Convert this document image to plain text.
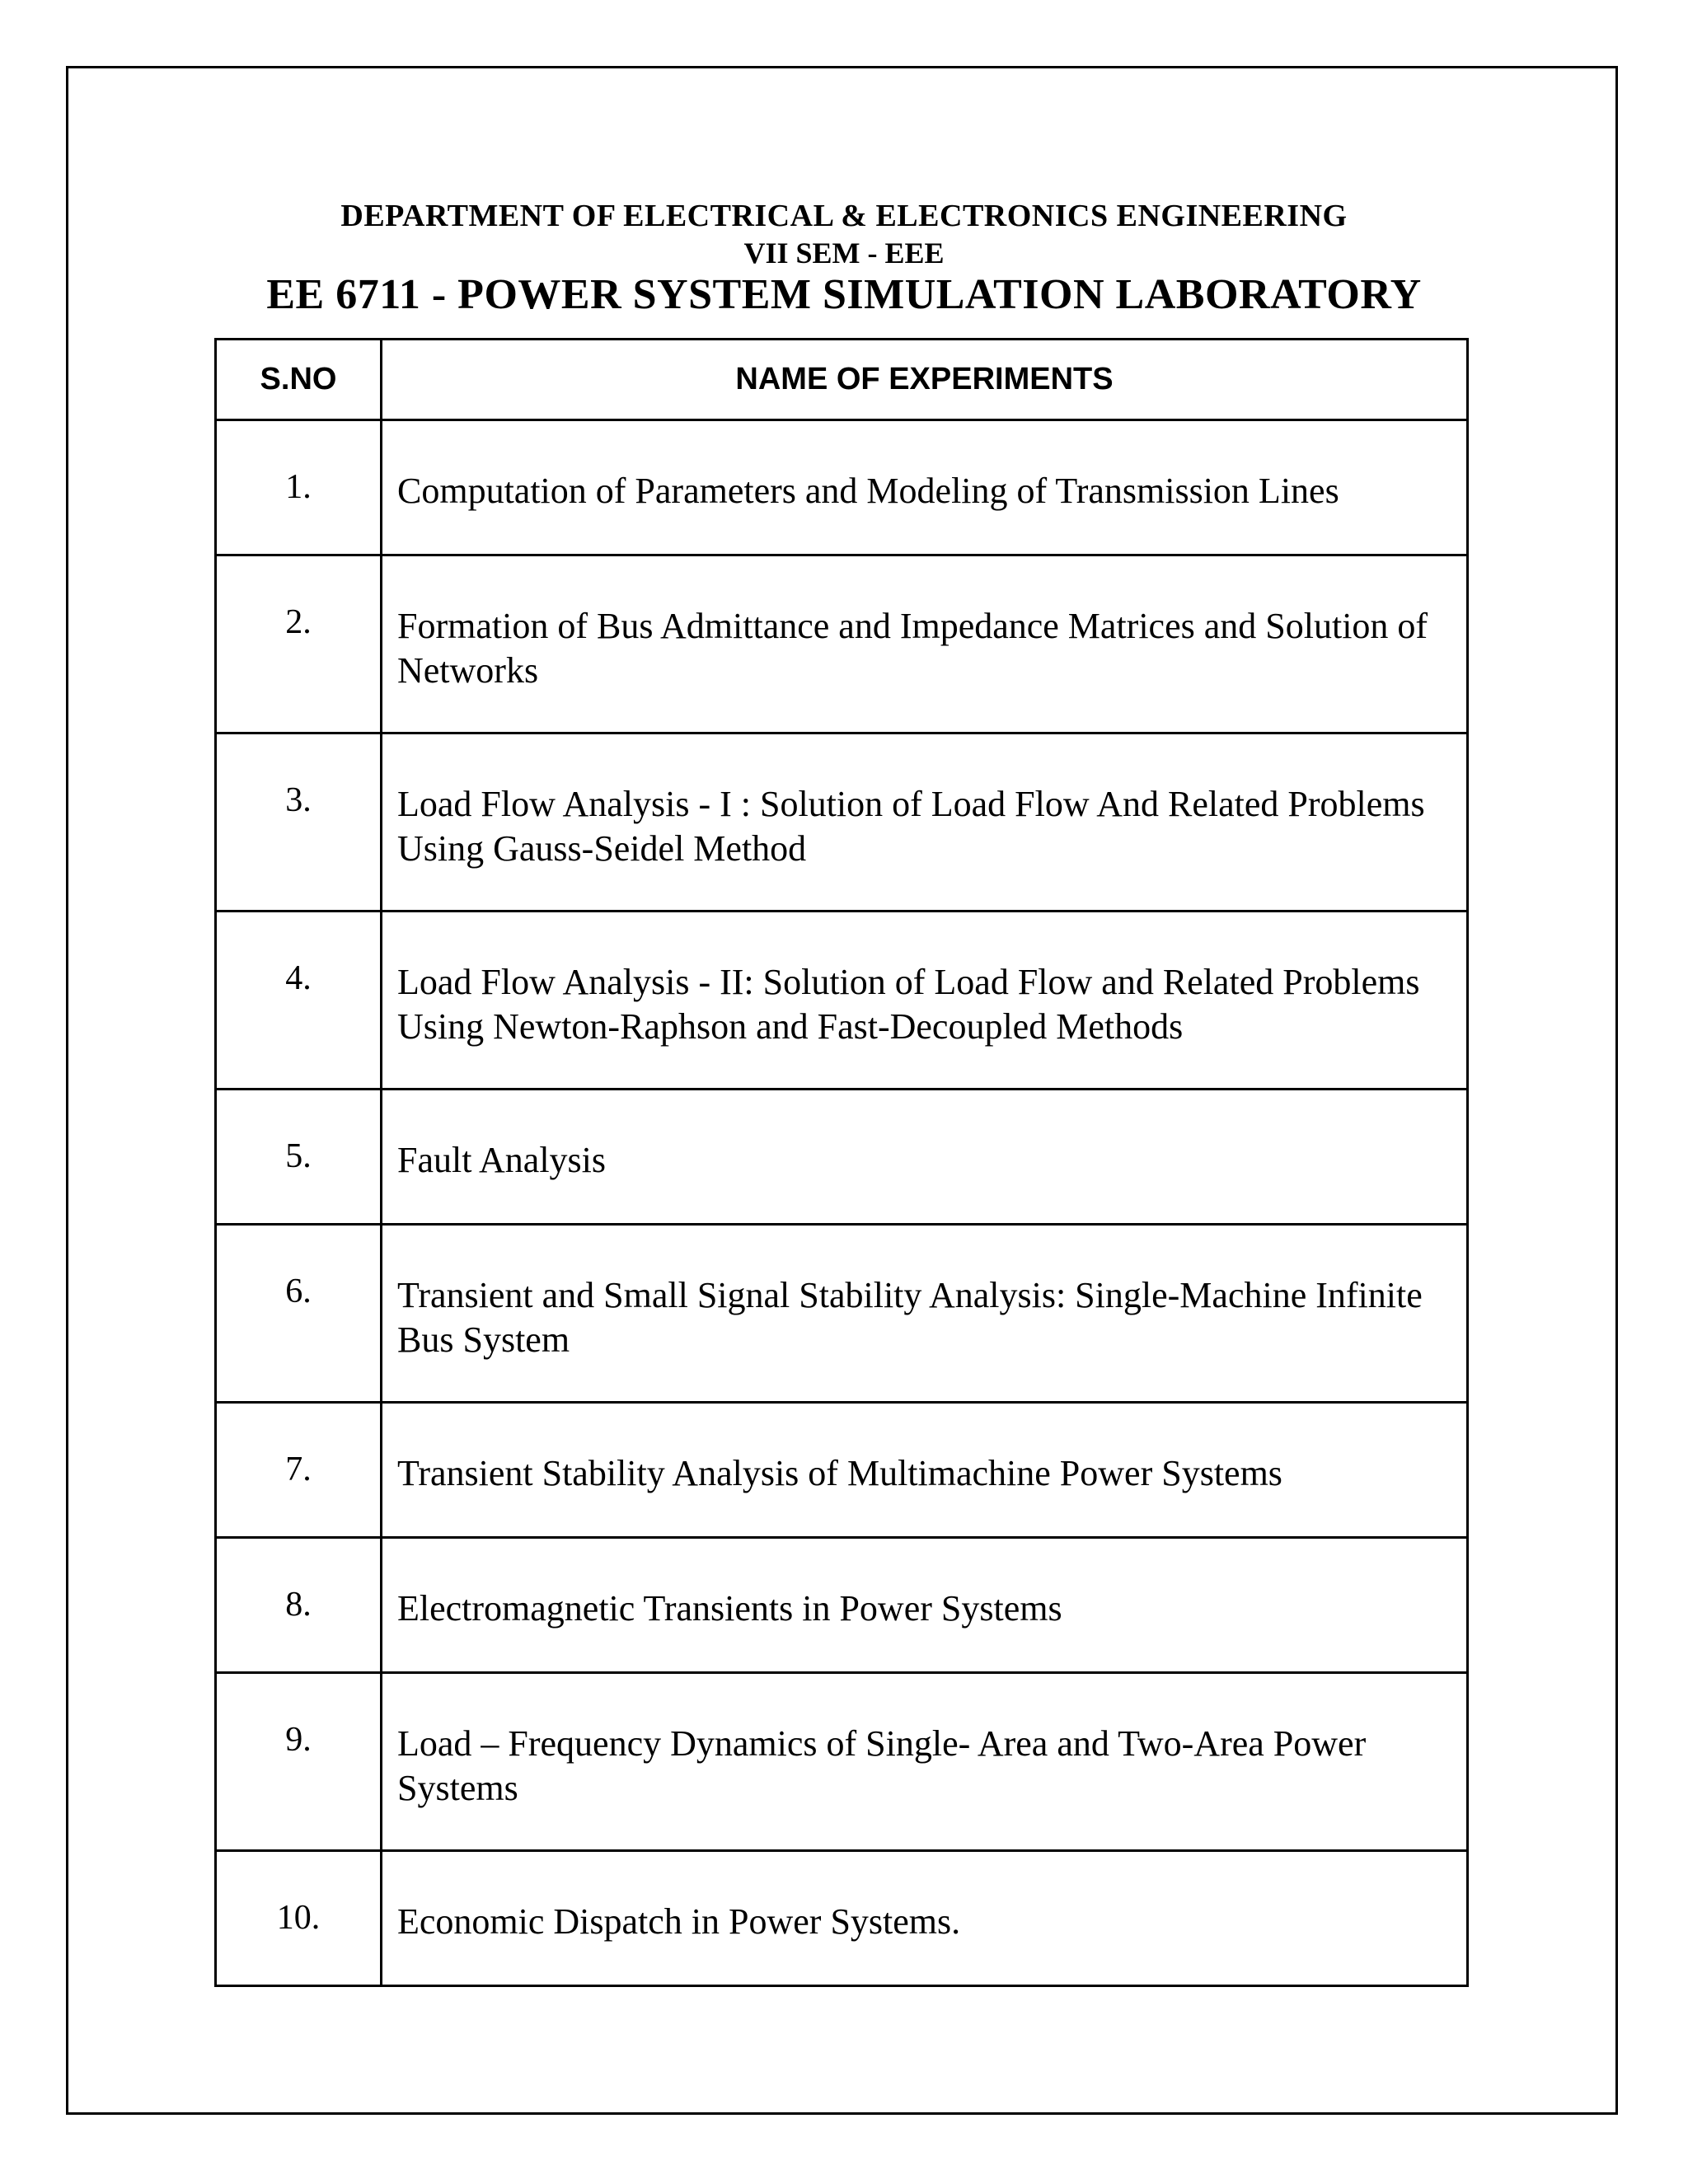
DEPARTMENT OF ELECTRICAL & ELECTRONICS ENGINEERING
VII SEM - EEE
EE 6711 - POWER SYSTEM SIMULATION LABORATORY
S.NO	NAME OF EXPERIMENTS
1.	Computation of Parameters and Modeling of Transmission Lines
2.	Formation of Bus Admittance and Impedance Matrices and Solution of Networks
3.	Load Flow Analysis - I : Solution of Load Flow And Related Problems Using Gauss-Seidel Method
4.	Load Flow Analysis - II: Solution of Load Flow and Related Problems Using Newton-Raphson and Fast-Decoupled Methods
5.	Fault Analysis
6.	Transient and Small Signal Stability Analysis: Single-Machine Infinite Bus System
7.	Transient Stability Analysis of Multimachine Power Systems
8.	Electromagnetic Transients in Power Systems
9.	Load – Frequency Dynamics of Single- Area and Two-Area Power Systems
10.	Economic Dispatch in Power Systems.
